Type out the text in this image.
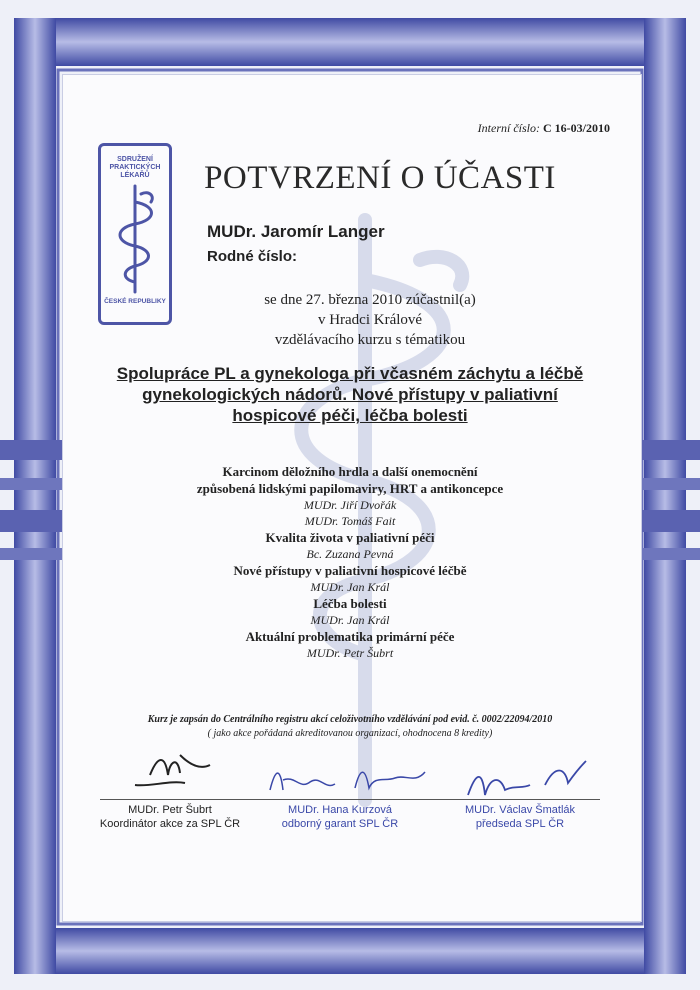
SDRUŽENÍ PRAKTICKÝCH LÉKAŘŮ
ČESKÉ REPUBLIKY
Interní číslo: C 16-03/2010
POTVRZENÍ O ÚČASTI
MUDr. Jaromír Langer
Rodné číslo:
se dne 27. března 2010 zúčastnil(a)
v Hradci Králové
vzdělávacího kurzu s tématikou
Spolupráce PL a gynekologa při včasném záchytu a léčbě
gynekologických nádorů. Nové přístupy v paliativní
hospicové péči, léčba bolesti
Karcinom děložního hrdla a další onemocnění
způsobená lidskými papilomaviry, HRT a antikoncepce
MUDr. Jiří Dvořák
MUDr. Tomáš Fait
Kvalita života v paliativní péči
Bc. Zuzana Pevná
Nové přístupy v paliativní hospicové léčbě
MUDr. Jan Král
Léčba bolesti
MUDr. Jan Král
Aktuální problematika primární péče
MUDr. Petr Šubrt
Kurz je zapsán do Centrálního registru akcí celoživotního vzdělávání pod evid. č. 0002/22094/2010
( jako akce pořádaná akreditovanou organizací, ohodnocena 8 kredity)
MUDr. Petr Šubrt
Koordinátor akce za SPL ČR
MUDr. Hana Kurzová
odborný garant SPL ČR
MUDr. Václav Šmatlák
předseda SPL ČR
